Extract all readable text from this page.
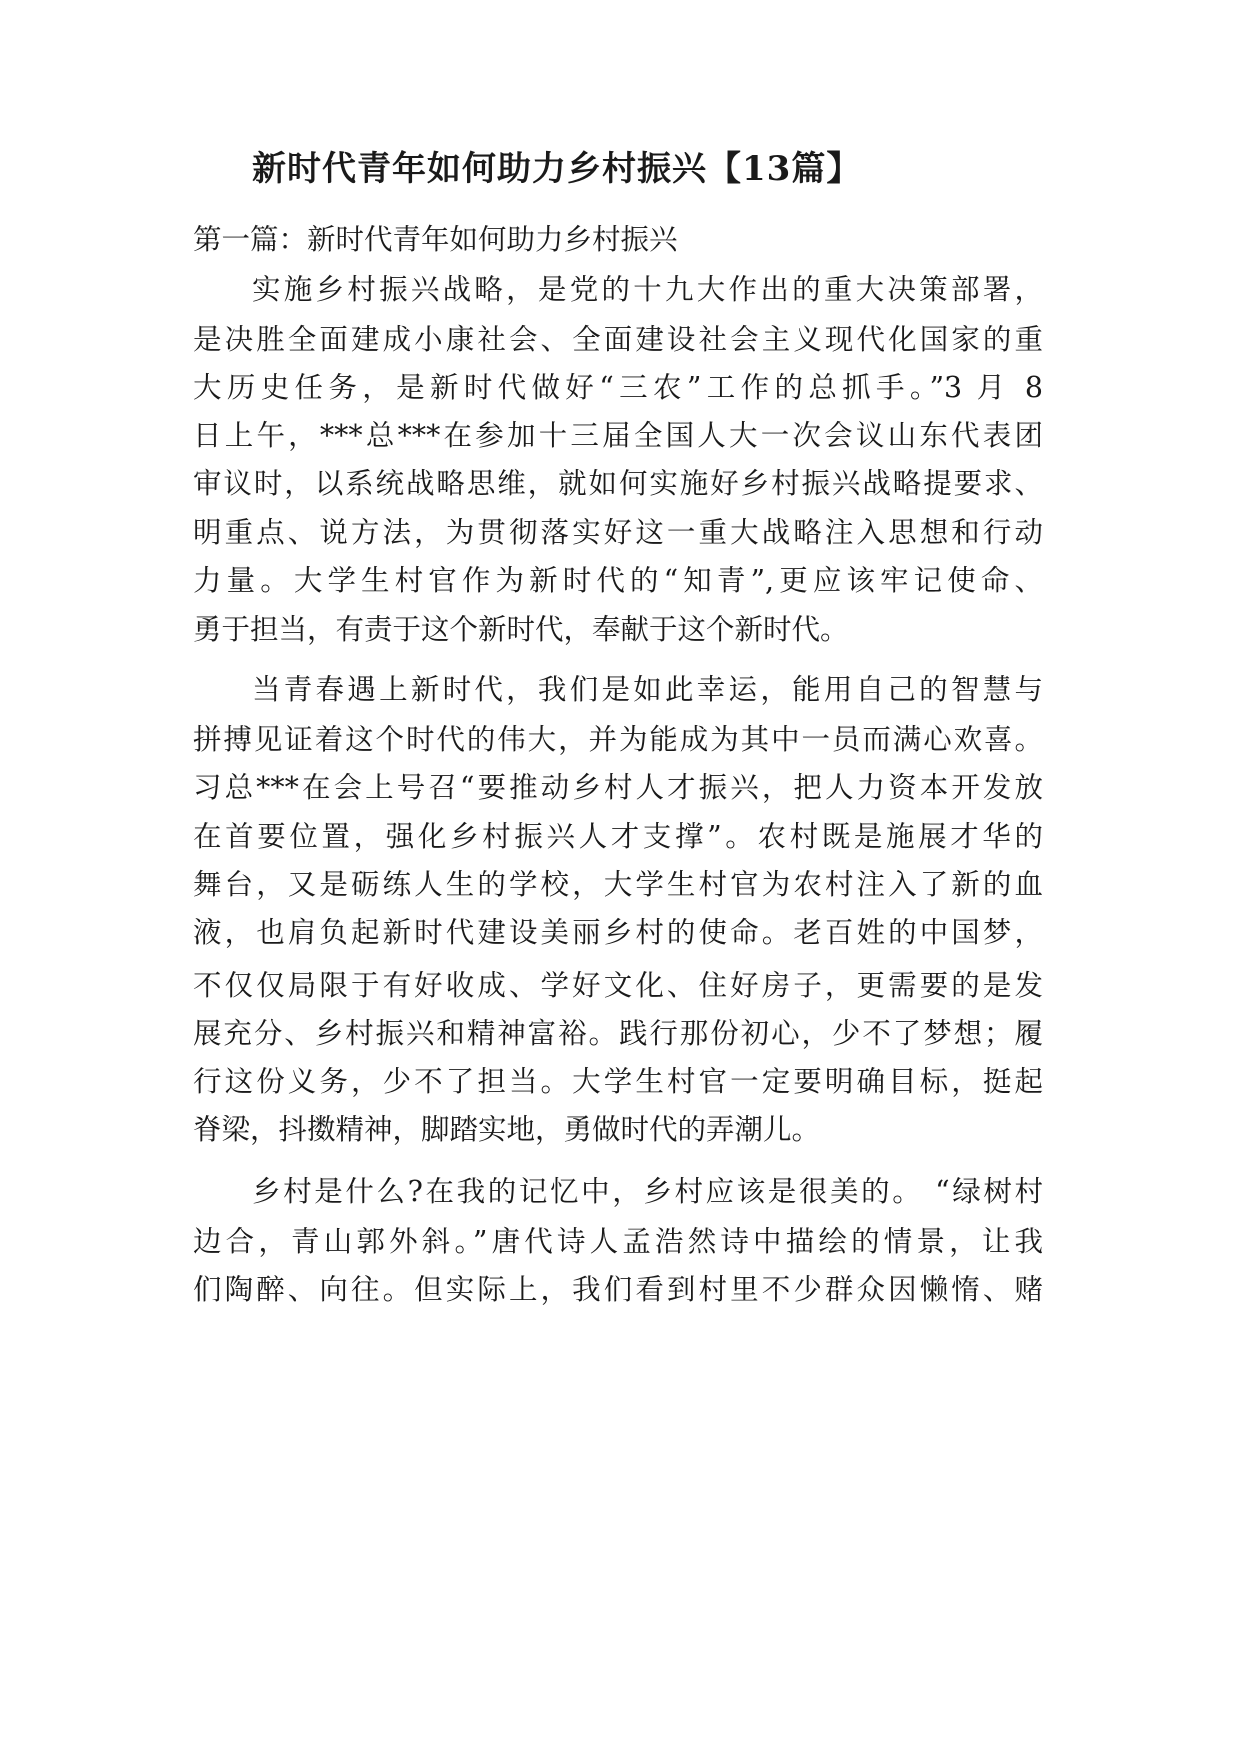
新时代青年如何助力乡村振兴【13篇】

第一篇：新时代青年如何助力乡村振兴

实施乡村振兴战略，是党的十九大作出的重大决策部署，

是决胜全面建成小康社会、全面建设社会主义现代化国家的重

大历史任务，是新时代做好“三农”工作的总抓手。”3 月 8

日上午，***总***在参加十三届全国人大一次会议山东代表团

审议时，以系统战略思维，就如何实施好乡村振兴战略提要求、

明重点、说方法，为贯彻落实好这一重大战略注入思想和行动

力量。大学生村官作为新时代的“知青”,更应该牢记使命、

勇于担当，有责于这个新时代，奉献于这个新时代。

当青春遇上新时代，我们是如此幸运，能用自己的智慧与

拼搏见证着这个时代的伟大，并为能成为其中一员而满心欢喜。

习总***在会上号召“要推动乡村人才振兴，把人力资本开发放

在首要位置，强化乡村振兴人才支撑”。农村既是施展才华的

舞台，又是砺练人生的学校，大学生村官为农村注入了新的血

液，也肩负起新时代建设美丽乡村的使命。老百姓的中国梦，

不仅仅局限于有好收成、学好文化、住好房子，更需要的是发

展充分、乡村振兴和精神富裕。践行那份初心，少不了梦想；履

行这份义务，少不了担当。大学生村官一定要明确目标，挺起

脊梁，抖擞精神，脚踏实地，勇做时代的弄潮儿。

乡村是什么?在我的记忆中，乡村应该是很美的。 “绿树村

边合，青山郭外斜。”唐代诗人孟浩然诗中描绘的情景，让我

们陶醉、向往。但实际上，我们看到村里不少群众因懒惰、赌
